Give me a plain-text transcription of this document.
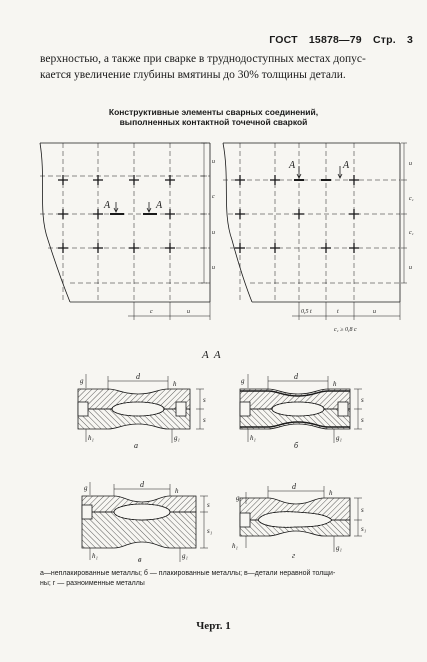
ГОСТ 15878—79 Стр. 3
верхностью, а также при сварке в труднодоступных местах допус-
кается увеличение глубины вмятины до 30% толщины детали.
Конструктивные элементы сварных соединений,
выполненных контактной точечной сваркой
A	A
u
c
u
u
c	u
A	A	u
c₁
c₁
u
0,5 t	t	u
c₁ ≥ 0,8 c
A  A
d
h
g
s
s
h₁	g₁
а
d
h
g
s
s
h₁	g₁
б
d
h
g
s
s₁
h₁	g₁
в
d
h
g
s
s₁
h₁	g₁
г
а—неплакированные металлы; б — плакированные металлы; в—детали неравной толщи-
ны; г — разноименные металлы
Черт. 1
